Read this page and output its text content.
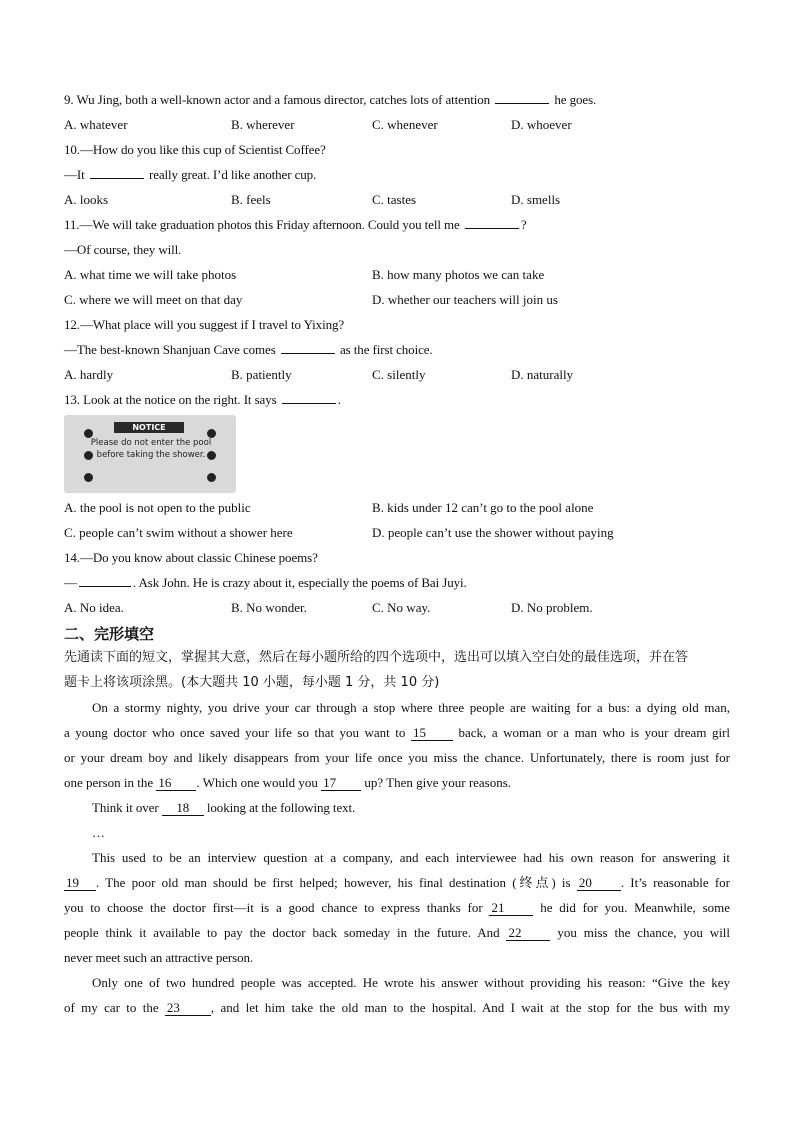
9. Wu Jing, both a well-known actor and a famous director, catches lots of attention	he goes.
A. whatever	B. wherever	C. whenever	D. whoever
10.—How do you like this cup of Scientist Coffee?
—It	really great. I’d like another cup.
A. looks	B. feels	C. tastes	D. smells
11.—We will take graduation photos this Friday afternoon. Could you tell me	?
—Of course, they will.
A. what time we will take photos	B. how many photos we can take
C. where we will meet on that day	D. whether our teachers will join us
12.—What place will you suggest if I travel to Yixing?
—The best-known Shanjuan Cave comes	as the first choice.
A. hardly	B. patiently	C. silently	D. naturally
13. Look at the notice on the right. It says	.
NOTICE
Please do not enter the pool before taking the shower.
A. the pool is not open to the public	B. kids under 12 can’t go to the pool alone
C. people can’t swim without a shower here	D. people can’t use the shower without paying
14.—Do you know about classic Chinese poems?
—	. Ask John. He is crazy about it, especially the poems of Bai Juyi.
A. No idea.	B. No wonder.	C. No way.	D. No problem.
二、完形填空
先通读下面的短文，掌握其大意，然后在每小题所给的四个选项中，选出可以填入空白处的最佳选项，并在答
题卡上将该项涂黑。(本大题共 10 小题，每小题 1 分，共 10 分)
On a stormy nighty, you drive your car through a stop where three people are waiting for a bus: a dying old man,
a young doctor who once saved your life so that you want to 15	back, a woman or a man who is your dream girl
or your dream boy and likely disappears from your life once you miss the chance. Unfortunately, there is room just for
one person in the 16 . Which one would you 17 up? Then give your reasons.
Think it over 18 looking at the following text.
…
This used to be an interview question at a company, and each interviewee had his own reason for answering it
19 . The poor old man should be first helped; however, his final destination (终点) is 20 . It’s reasonable for
you to choose the doctor first—it is a good chance to express thanks for 21	he did for you. Meanwhile, some
people think it available to pay the doctor back someday in the future. And 22	you miss the chance, you will
never meet such an attractive person.
Only one of two hundred people was accepted. He wrote his answer without providing his reason: “Give the key
of my car to the 23 , and let him take the old man to the hospital. And I wait at the stop for the bus with my
